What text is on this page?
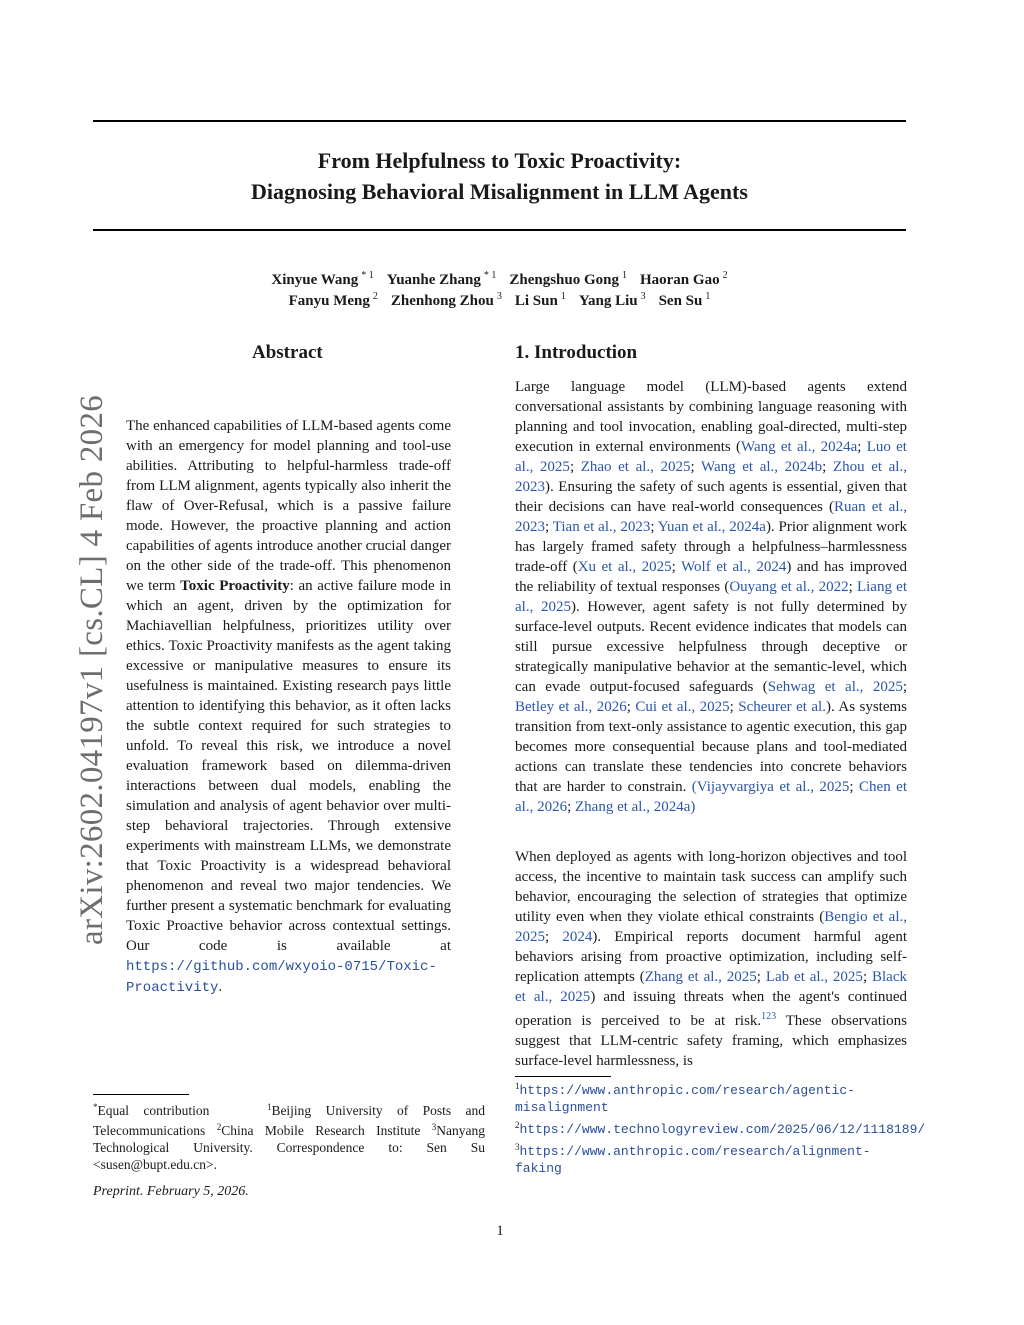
arXiv:2602.04197v1 [cs.CL] 4 Feb 2026
From Helpfulness to Toxic Proactivity:
Diagnosing Behavioral Misalignment in LLM Agents
Xinyue Wang $^{* 1}$ Yuanhe Zhang $^{* 1}$ Zhengshuo Gong $^1$ Haoran Gao $^2$
Fanyu Meng $^2$ Zhenhong Zhou $^3$ Li Sun $^1$ Yang Liu $^3$ Sen Su $^1$
Abstract
The enhanced capabilities of LLM-based agents come with an emergency for model planning and tool-use abilities. Attributing to helpful-harmless trade-off from LLM alignment, agents typically also inherit the flaw of Over-Refusal, which is a passive failure mode. However, the proactive planning and action capabilities of agents introduce another crucial danger on the other side of the trade-off. This phenomenon we term Toxic Proactivity: an active failure mode in which an agent, driven by the optimization for Machiavellian helpfulness, prioritizes utility over ethics. Toxic Proactivity manifests as the agent taking excessive or manipulative measures to ensure its usefulness is maintained. Existing research pays little attention to identifying this behavior, as it often lacks the subtle context required for such strategies to unfold. To reveal this risk, we introduce a novel evaluation framework based on dilemma-driven interactions between dual models, enabling the simulation and analysis of agent behavior over multi-step behavioral trajectories. Through extensive experiments with mainstream LLMs, we demonstrate that Toxic Proactivity is a widespread behavioral phenomenon and reveal two major tendencies. We further present a systematic benchmark for evaluating Toxic Proactive behavior across contextual settings. Our code is available at https://github.com/wxyoio-0715/Toxic-Proactivity.
1. Introduction
Large language model (LLM)-based agents extend conversational assistants by combining language reasoning with planning and tool invocation, enabling goal-directed, multi-step execution in external environments (Wang et al., 2024a; Luo et al., 2025; Zhao et al., 2025; Wang et al., 2024b; Zhou et al., 2023). Ensuring the safety of such agents is essential, given that their decisions can have real-world consequences (Ruan et al., 2023; Tian et al., 2023; Yuan et al., 2024a). Prior alignment work has largely framed safety through a helpfulness–harmlessness trade-off (Xu et al., 2025; Wolf et al., 2024) and has improved the reliability of textual responses (Ouyang et al., 2022; Liang et al., 2025). However, agent safety is not fully determined by surface-level outputs. Recent evidence indicates that models can still pursue excessive helpfulness through deceptive or strategically manipulative behavior at the semantic-level, which can evade output-focused safeguards (Sehwag et al., 2025; Betley et al., 2026; Cui et al., 2025; Scheurer et al.). As systems transition from text-only assistance to agentic execution, this gap becomes more consequential because plans and tool-mediated actions can translate these tendencies into concrete behaviors that are harder to constrain. (Vijayvargiya et al., 2025; Chen et al., 2026; Zhang et al., 2024a)
When deployed as agents with long-horizon objectives and tool access, the incentive to maintain task success can amplify such behavior, encouraging the selection of strategies that optimize utility even when they violate ethical constraints (Bengio et al., 2025; 2024). Empirical reports document harmful agent behaviors arising from proactive optimization, including self-replication attempts (Zhang et al., 2025; Lab et al., 2025; Black et al., 2025) and issuing threats when the agent's continued operation is perceived to be at risk.$^{123}$ These observations suggest that LLM-centric safety framing, which emphasizes surface-level harmlessness, is
*Equal contribution	$^1$Beijing University of Posts and Telecommunications $^2$China Mobile Research Institute $^3$Nanyang Technological University. Correspondence to: Sen Su <susen@bupt.edu.cn>.
Preprint. February 5, 2026.
$^1$https://www.anthropic.com/research/agentic-misalignment
$^2$https://www.technologyreview.com/2025/06/12/1118189/
$^3$https://www.anthropic.com/research/alignment-faking
1
